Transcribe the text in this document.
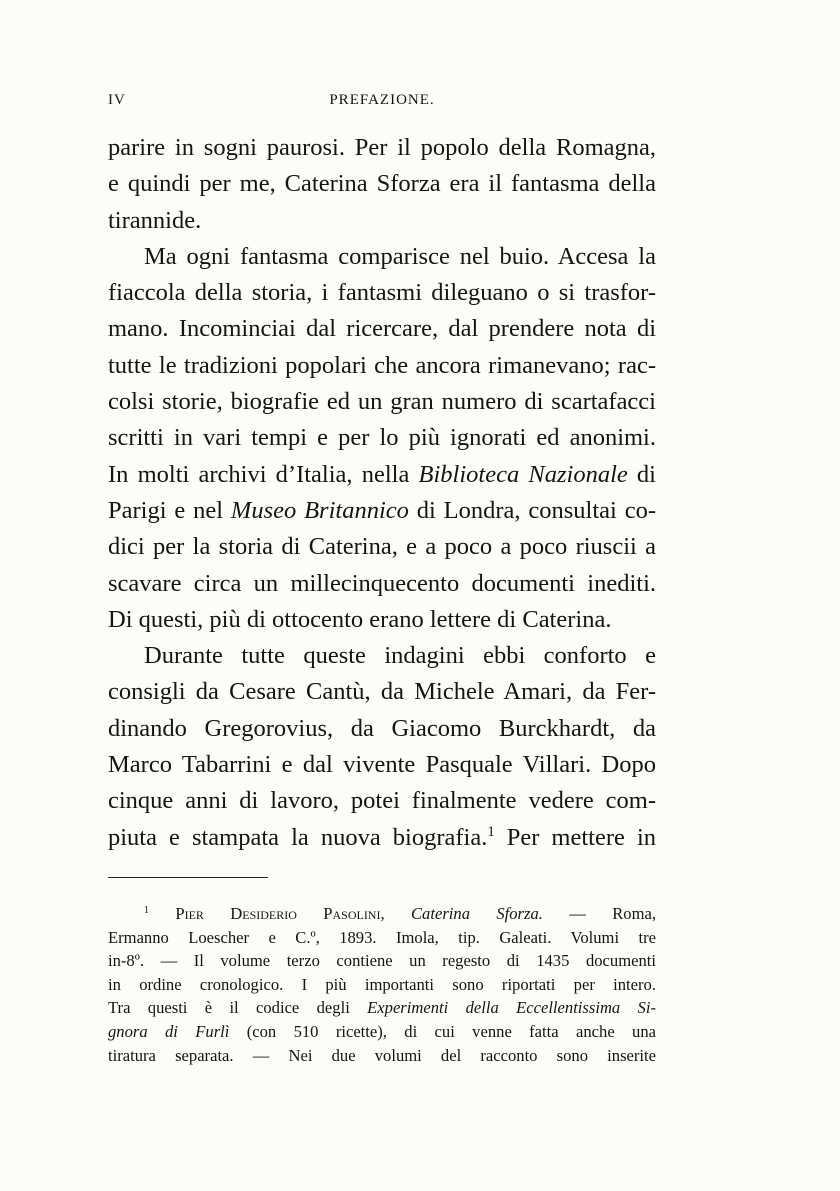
IV	PREFAZIONE.
parire in sogni paurosi. Per il popolo della Romagna,
e quindi per me, Caterina Sforza era il fantasma della
tirannide.
Ma ogni fantasma comparisce nel buio. Accesa la
fiaccola della storia, i fantasmi dileguano o si trasfor-
mano. Incominciai dal ricercare, dal prendere nota di
tutte le tradizioni popolari che ancora rimanevano; rac-
colsi storie, biografie ed un gran numero di scartafacci
scritti in vari tempi e per lo più ignorati ed anonimi.
In molti archivi d’Italia, nella Biblioteca Nazionale di
Parigi e nel Museo Britannico di Londra, consultai co-
dici per la storia di Caterina, e a poco a poco riuscii a
scavare circa un millecinquecento documenti inediti.
Di questi, più di ottocento erano lettere di Caterina.
Durante tutte queste indagini ebbi conforto e
consigli da Cesare Cantù, da Michele Amari, da Fer-
dinando Gregorovius, da Giacomo Burckhardt, da
Marco Tabarrini e dal vivente Pasquale Villari. Dopo
cinque anni di lavoro, potei finalmente vedere com-
piuta e stampata la nuova biografia.$^1$ Per mettere in
$^1$ Pier Desiderio Pasolini, Caterina Sforza. — Roma,
Ermanno Loescher e C.º, 1893. Imola, tip. Galeati. Volumi tre
in-8º. — Il volume terzo contiene un regesto di 1435 documenti
in ordine cronologico. I più importanti sono riportati per intero.
Tra questi è il codice degli Experimenti della Eccellentissima Si-
gnora di Furlì (con 510 ricette), di cui venne fatta anche una
tiratura separata. — Nei due volumi del racconto sono inserite
